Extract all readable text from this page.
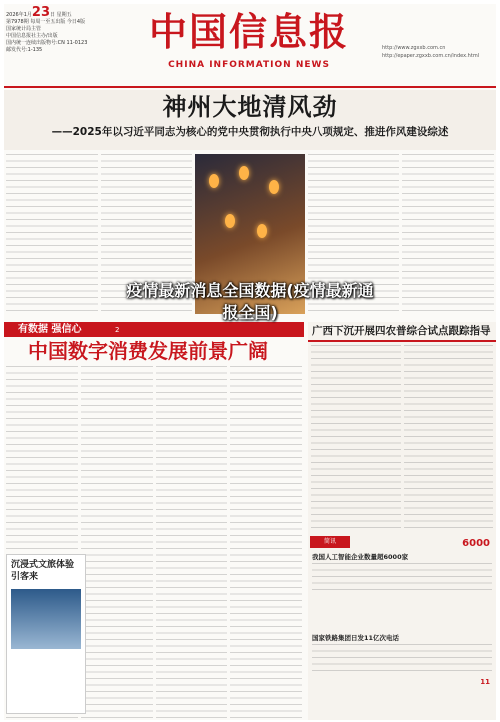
2026年1月23日 星期五
第7978期 每周一至五出版 今日4版
国家统计局主管
中国信息报社主办/出版
国内统一连续出版物号:CN 11-0123
邮发代号:1-135	中国信息报
CHINA INFORMATION NEWS
http://www.zgxxb.com.cn
http://epaper.zgxxb.com.cn/index.html
神州大地清风劲
——2025年以习近平同志为核心的党中央贯彻执行中央八项规定、推进作风建设综述
疫情最新消息全国数据(疫情最新通
报全国)
有数据 强信心	2
中国数字消费发展前景广阔
沉浸式文旅体验引客来
广西下沉开展四农普综合试点跟踪指导
简讯	6000
我国人工智能企业数量超6000家
11
国家铁路集团日发11亿次电话
